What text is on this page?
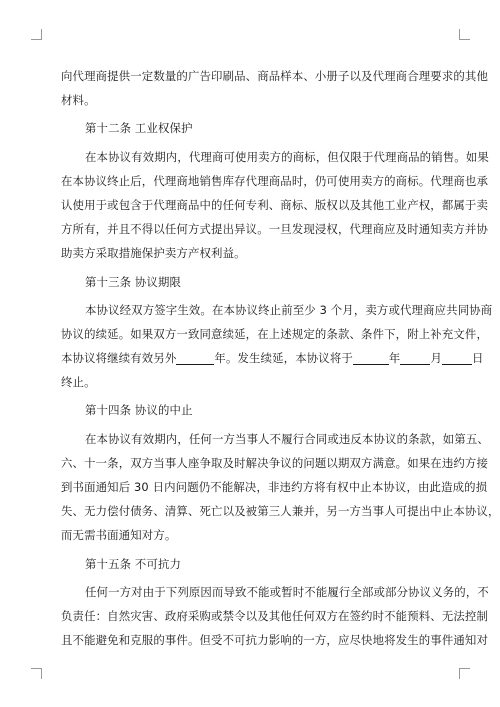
向代理商提供一定数量的广告印刷品、商品样本、小册子以及代理商合理要求的其他
材料。
第十二条 工业权保护
在本协议有效期内，代理商可使用卖方的商标，但仅限于代理商品的销售。如果
在本协议终止后，代理商地销售库存代理商品时，仍可使用卖方的商标。代理商也承
认使用于或包含于代理商品中的任何专利、商标、版权以及其他工业产权，都属于卖
方所有，并且不得以任何方式提出异议。一旦发现浸权，代理商应及时通知卖方并协
助卖方采取措施保护卖方产权利益。
第十三条 协议期限
本协议经双方签字生效。在本协议终止前至少 3 个月，卖方或代理商应共同协商
协议的续延。如果双方一致同意续延，在上述规定的条款、条件下，附上补充文件，
本协议将继续有效另外	年。发生续延，本协议将于	年	月	日
终止。
第十四条 协议的中止
在本协议有效期内，任何一方当事人不履行合同或违反本协议的条款，如第五、
六、十一条，双方当事人座争取及时解决争议的问题以期双方满意。如果在违约方接
到书面通知后 30 日内问题仍不能解决，非违约方将有权中止本协议，由此造成的损
失、无力偿付债务、清算、死亡以及被第三人兼并，另一方当事人可提出中止本协议，
而无需书面通知对方。
第十五条 不可抗力
任何一方对由于下列原因而导致不能或暂时不能履行全部或部分协议义务的，不
负责任：自然灾害、政府采购或禁令以及其他任何双方在签约时不能预料、无法控制
且不能避免和克服的事件。但受不可抗力影响的一方，应尽快地将发生的事件通知对
